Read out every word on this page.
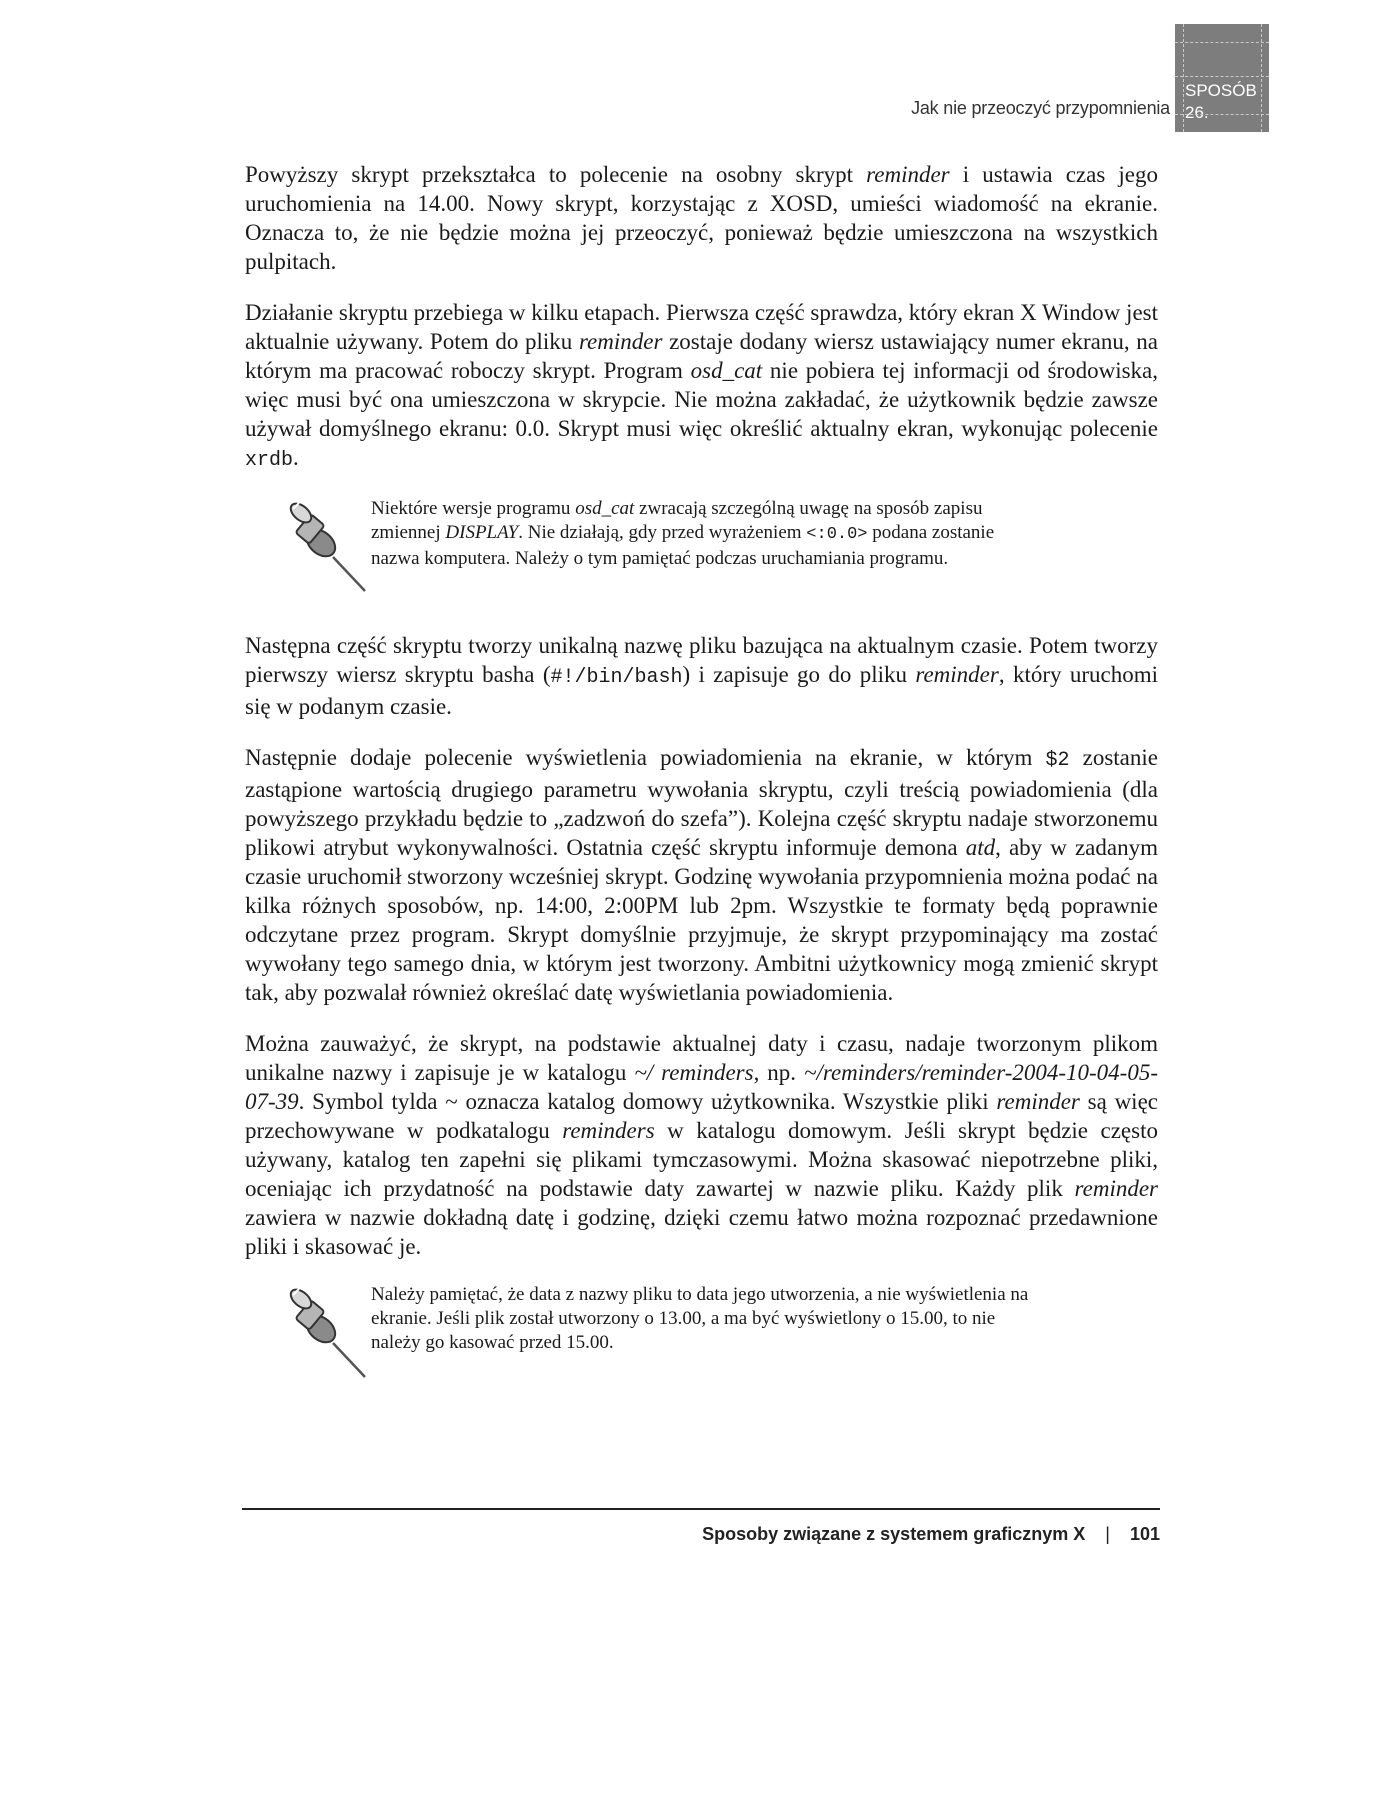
Jak nie przeoczyć przypomnienia
SPOSÓB
26.

Powyższy skrypt przekształca to polecenie na osobny skrypt reminder i ustawia czas jego uruchomienia na 14.00. Nowy skrypt, korzystając z XOSD, umieści wiadomość na ekranie. Oznacza to, że nie będzie można jej przeoczyć, ponieważ będzie umieszczona na wszystkich pulpitach.

Działanie skryptu przebiega w kilku etapach. Pierwsza część sprawdza, który ekran X Window jest aktualnie używany. Potem do pliku reminder zostaje dodany wiersz ustawiający numer ekranu, na którym ma pracować roboczy skrypt. Program osd_cat nie pobiera tej informacji od środowiska, więc musi być ona umieszczona w skrypcie. Nie można zakładać, że użytkownik będzie zawsze używał domyślnego ekranu: 0.0. Skrypt musi więc określić aktualny ekran, wykonując polecenie xrdb.

Niektóre wersje programu osd_cat zwracają szczególną uwagę na sposób zapisu zmiennej DISPLAY. Nie działają, gdy przed wyrażeniem <:0.0> podana zostanie nazwa komputera. Należy o tym pamiętać podczas uruchamiania programu.

Następna część skryptu tworzy unikalną nazwę pliku bazująca na aktualnym czasie. Potem tworzy pierwszy wiersz skryptu basha (#!/bin/bash) i zapisuje go do pliku reminder, który uruchomi się w podanym czasie.

Następnie dodaje polecenie wyświetlenia powiadomienia na ekranie, w którym $2 zostanie zastąpione wartością drugiego parametru wywołania skryptu, czyli treścią powiadomienia (dla powyższego przykładu będzie to „zadzwoń do szefa”). Kolejna część skryptu nadaje stworzonemu plikowi atrybut wykonywalności. Ostatnia część skryptu informuje demona atd, aby w zadanym czasie uruchomił stworzony wcześniej skrypt. Godzinę wywołania przypomnienia można podać na kilka różnych sposobów, np. 14:00, 2:00PM lub 2pm. Wszystkie te formaty będą poprawnie odczytane przez program. Skrypt domyślnie przyjmuje, że skrypt przypominający ma zostać wywołany tego samego dnia, w którym jest tworzony. Ambitni użytkownicy mogą zmienić skrypt tak, aby pozwalał również określać datę wyświetlania powiadomienia.

Można zauważyć, że skrypt, na podstawie aktualnej daty i czasu, nadaje tworzonym plikom unikalne nazwy i zapisuje je w katalogu ~/ reminders, np. ~/reminders/reminder-2004-10-04-05-07-39. Symbol tylda ~ oznacza katalog domowy użytkownika. Wszystkie pliki reminder są więc przechowywane w podkatalogu reminders w katalogu domowym. Jeśli skrypt będzie często używany, katalog ten zapełni się plikami tymczasowymi. Można skasować niepotrzebne pliki, oceniając ich przydatność na podstawie daty zawartej w nazwie pliku. Każdy plik reminder zawiera w nazwie dokładną datę i godzinę, dzięki czemu łatwo można rozpoznać przedawnione pliki i skasować je.

Należy pamiętać, że data z nazwy pliku to data jego utworzenia, a nie wyświetlenia na ekranie. Jeśli plik został utworzony o 13.00, a ma być wyświetlony o 15.00, to nie należy go kasować przed 15.00.
Sposoby związane z systemem graficznym X | 101
